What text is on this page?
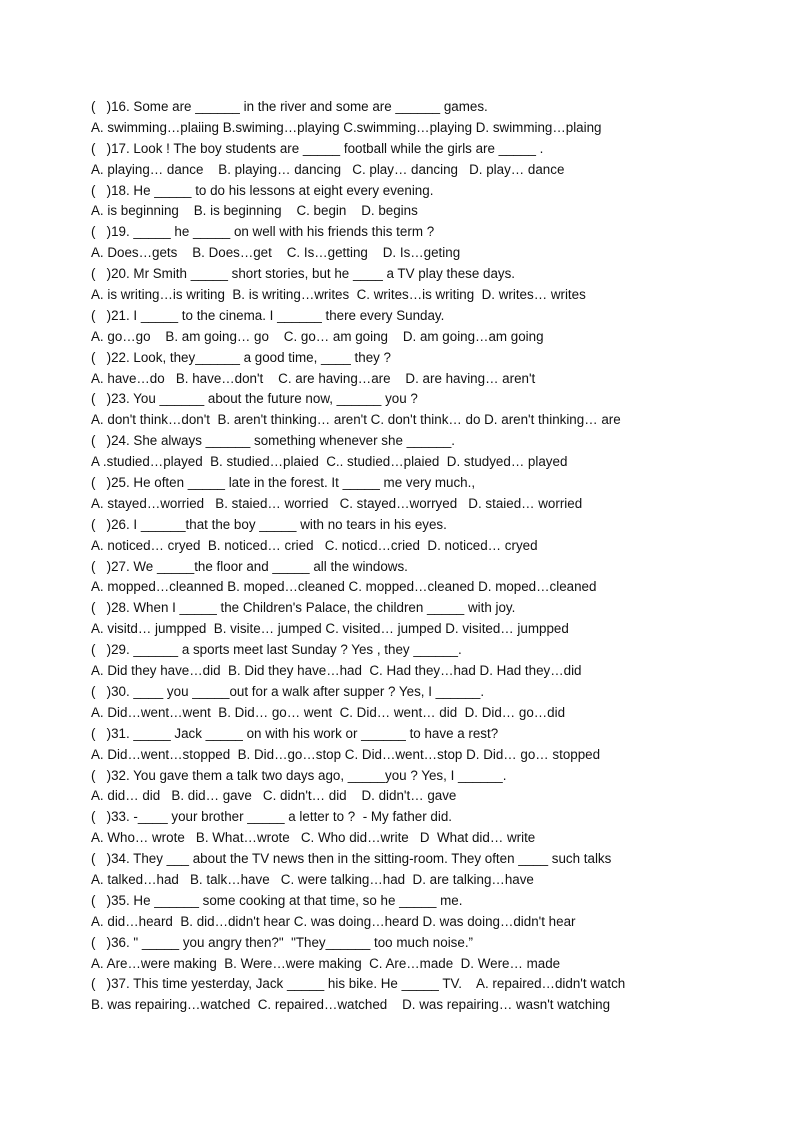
(   )16. Some are ______ in the river and some are ______ games.
A. swimming…plaiing B.swiming…playing C.swimming…playing D. swimming…plaing
(   )17. Look ! The boy students are _____ football while the girls are _____ .
A. playing… dance    B. playing… dancing   C. play… dancing   D. play… dance
(   )18. He _____ to do his lessons at eight every evening.
A. is beginning    B. is beginning    C. begin    D. begins
(   )19. _____ he _____ on well with his friends this term ?
A. Does…gets    B. Does…get    C. Is…getting    D. Is…geting
(   )20. Mr Smith _____ short stories, but he ____ a TV play these days.
A. is writing…is writing  B. is writing…writes  C. writes…is writing  D. writes… writes
(   )21. I _____ to the cinema. I ______ there every Sunday.
A. go…go    B. am going… go    C. go… am going    D. am going…am going
(   )22. Look, they______ a good time, ____ they ?
A. have…do   B. have…don't    C. are having…are    D. are having… aren't
(   )23. You ______ about the future now, ______ you ?
A. don't think…don't  B. aren't thinking… aren't C. don't think… do D. aren't thinking… are
(   )24. She always ______ something whenever she ______.
A .studied…played  B. studied…plaied  C.. studied…plaied  D. studyed… played
(   )25. He often _____ late in the forest. It _____ me very much.,
A. stayed…worried   B. staied… worried   C. stayed…worryed   D. staied… worried
(   )26. I ______that the boy _____ with no tears in his eyes.
A. noticed… cryed  B. noticed… cried   C. noticd…cried  D. noticed… cryed
(   )27. We _____the floor and _____ all the windows.
A. mopped…cleanned B. moped…cleaned C. mopped…cleaned D. moped…cleaned
(   )28. When I _____ the Children's Palace, the children _____ with joy.
A. visitd… jumpped  B. visite… jumped C. visited… jumped D. visited… jumpped
(   )29. ______ a sports meet last Sunday ? Yes , they ______.
A. Did they have…did  B. Did they have…had  C. Had they…had D. Had they…did
(   )30. ____ you _____out for a walk after supper ? Yes, I ______.
A. Did…went…went  B. Did… go… went  C. Did… went… did  D. Did… go…did
(   )31. _____ Jack _____ on with his work or ______ to have a rest?
A. Did…went…stopped  B. Did…go…stop C. Did…went…stop D. Did… go… stopped
(   )32. You gave them a talk two days ago, _____you ? Yes, I ______.
A. did… did   B. did… gave   C. didn't… did    D. didn't… gave
(   )33. -____ your brother _____ a letter to ?  - My father did.
A. Who… wrote   B. What…wrote   C. Who did…write   D  What did… write
(   )34. They ___ about the TV news then in the sitting-room. They often ____ such talks
A. talked…had   B. talk…have   C. were talking…had  D. are talking…have
(   )35. He ______ some cooking at that time, so he _____ me.
A. did…heard  B. did…didn't hear C. was doing…heard D. was doing…didn't hear
(   )36. " _____ you angry then?"  "They______ too much noise.”
A. Are…were making  B. Were…were making  C. Are…made  D. Were… made
(   )37. This time yesterday, Jack _____ his bike. He _____ TV.    A. repaired…didn't watch
B. was repairing…watched  C. repaired…watched    D. was repairing… wasn't watching
